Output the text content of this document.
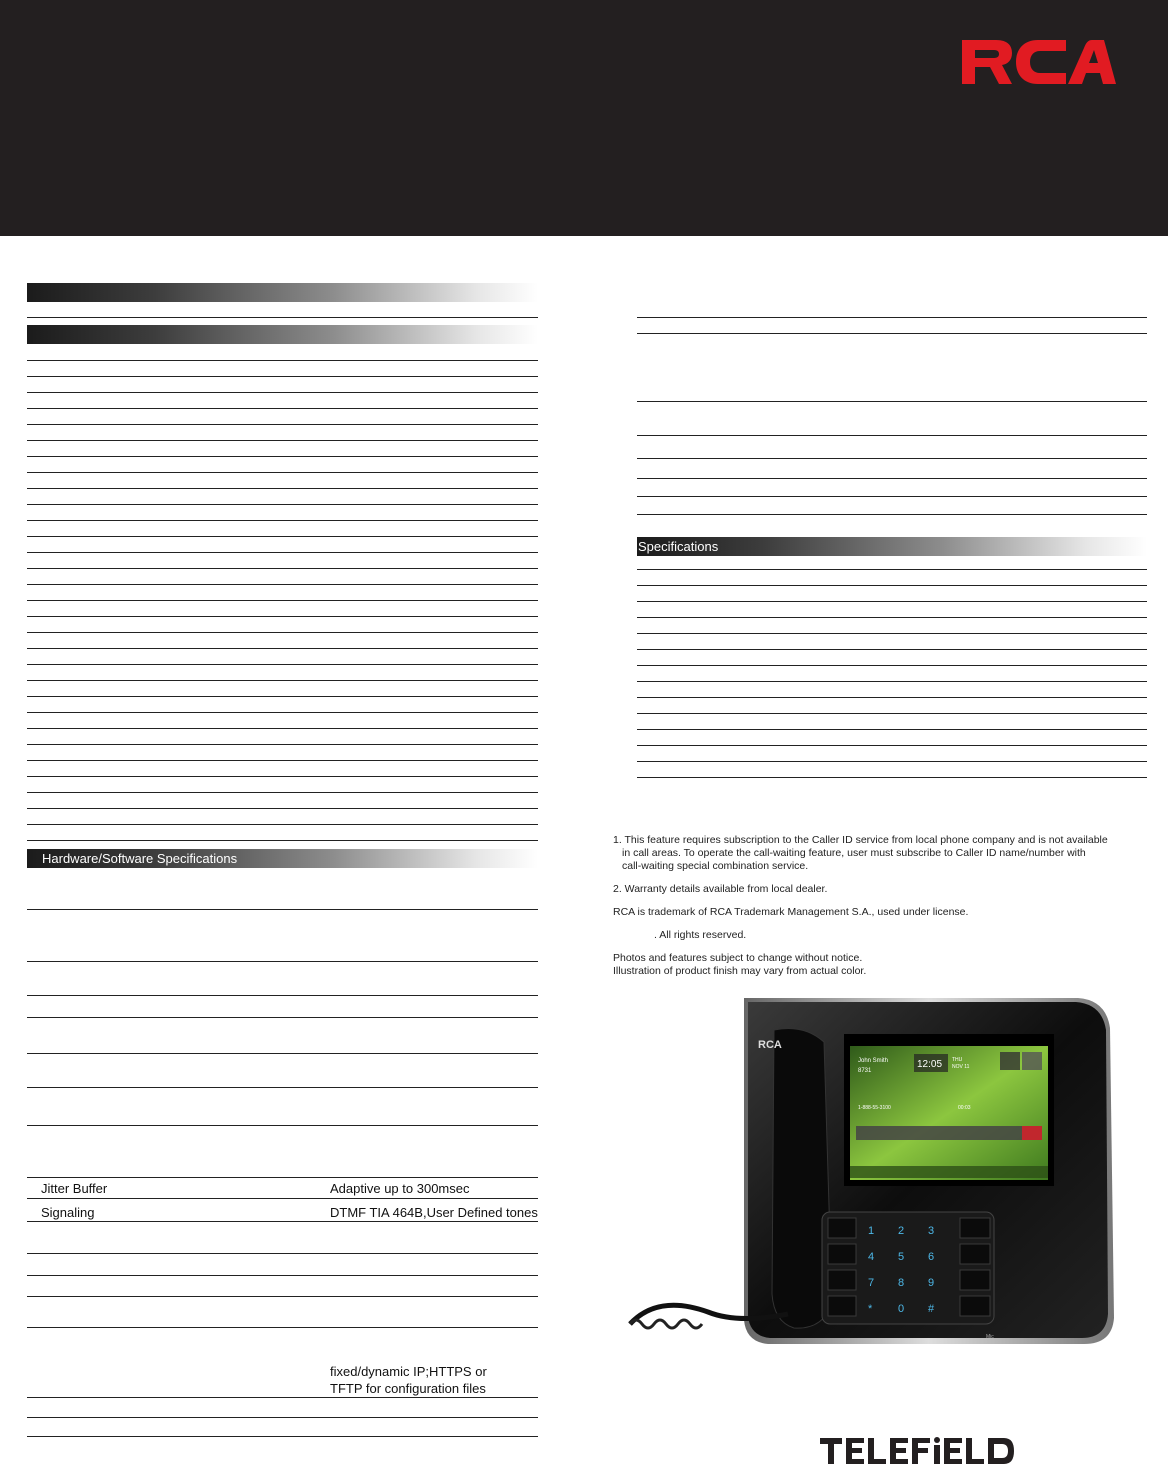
Hardware/Software Specifications
Jitter Buffer	Adaptive up to 300msec
Signaling	DTMF TIA 464B,User Defined tones
fixed/dynamic IP;HTTPS or
TFTP for configuration files
Specifications

1. This feature requires subscription to the Caller ID service from local phone company and is not available
in call areas. To operate the call-waiting feature, user must subscribe to Caller ID name/number with
call-waiting special combination service.

2. Warranty details available from local dealer.

RCA is trademark of RCA Trademark Management S.A., used under license.

. All rights reserved.

Photos and features subject to change without notice.
Illustration of product finish may vary from actual color.

RCA
John Smith
8731
12:05 THU
NOV 11
1-888-55-3100	00:03
1 2 3
4 5 6
7 8 9
* 0 #
Mic
